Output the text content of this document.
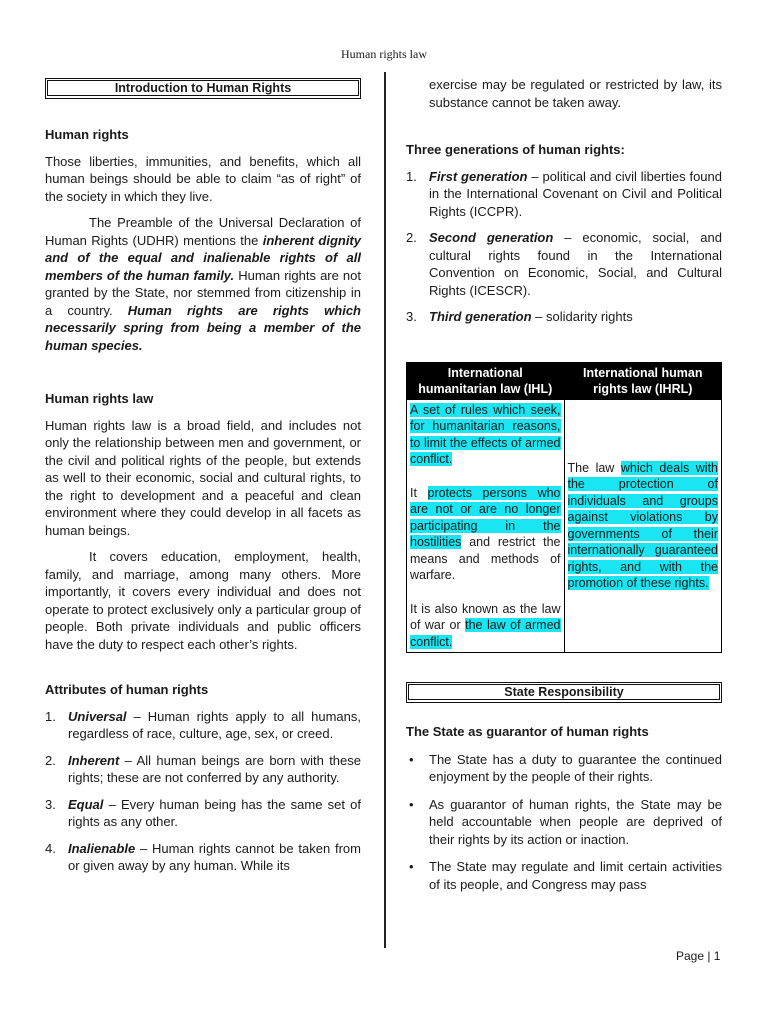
Human rights law
Introduction to Human Rights
Human rights

Those liberties, immunities, and benefits, which all human beings should be able to claim “as of right” of the society in which they live.

The Preamble of the Universal Declaration of Human Rights (UDHR) mentions the inherent dignity and of the equal and inalienable rights of all members of the human family. Human rights are not granted by the State, nor stemmed from citizenship in a country. Human rights are rights which necessarily spring from being a member of the human species.

Human rights law

Human rights law is a broad field, and includes not only the relationship between men and government, or the civil and political rights of the people, but extends as well to their economic, social and cultural rights, to the right to development and a peaceful and clean environment where they could develop in all facets as human beings.

It covers education, employment, health, family, and marriage, among many others. More importantly, it covers every individual and does not operate to protect exclusively only a particular group of people. Both private individuals and public officers have the duty to respect each other’s rights.

Attributes of human rights
1. Universal – Human rights apply to all humans, regardless of race, culture, age, sex, or creed.
2. Inherent – All human beings are born with these rights; these are not conferred by any authority.
3. Equal – Every human being has the same set of rights as any other.
4. Inalienable – Human rights cannot be taken from or given away by any human. While its

exercise may be regulated or restricted by law, its substance cannot be taken away.

Three generations of human rights:
1. First generation – political and civil liberties found in the International Covenant on Civil and Political Rights (ICCPR).
2. Second generation – economic, social, and cultural rights found in the International Convention on Economic, Social, and Cultural Rights (ICESCR).
3. Third generation – solidarity rights
International humanitarian law (IHL)	International human rights law (IHRL)

A set of rules which seek, for humanitarian reasons, to limit the effects of armed conflict.
It protects persons who are not or are no longer participating in the hostilities and restrict the means and methods of warfare.
It is also known as the law of war or the law of armed conflict.	The law which deals with the protection of individuals and groups against violations by governments of their internationally guaranteed rights, and with the promotion of these rights.
State Responsibility
The State as guarantor of human rights
• The State has a duty to guarantee the continued enjoyment by the people of their rights.
• As guarantor of human rights, the State may be held accountable when people are deprived of their rights by its action or inaction.
• The State may regulate and limit certain activities of its people, and Congress may pass
Page | 1
